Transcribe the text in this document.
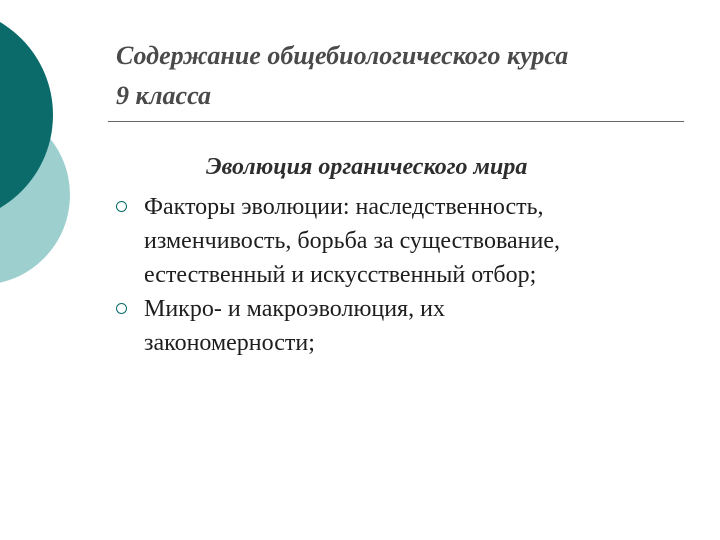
Содержание общебиологического курса
9 класса
Эволюция органического мира
Факторы эволюции: наследственность,
изменчивость, борьба за существование,
естественный и искусственный отбор;
Микро- и макроэволюция, их
закономерности;
